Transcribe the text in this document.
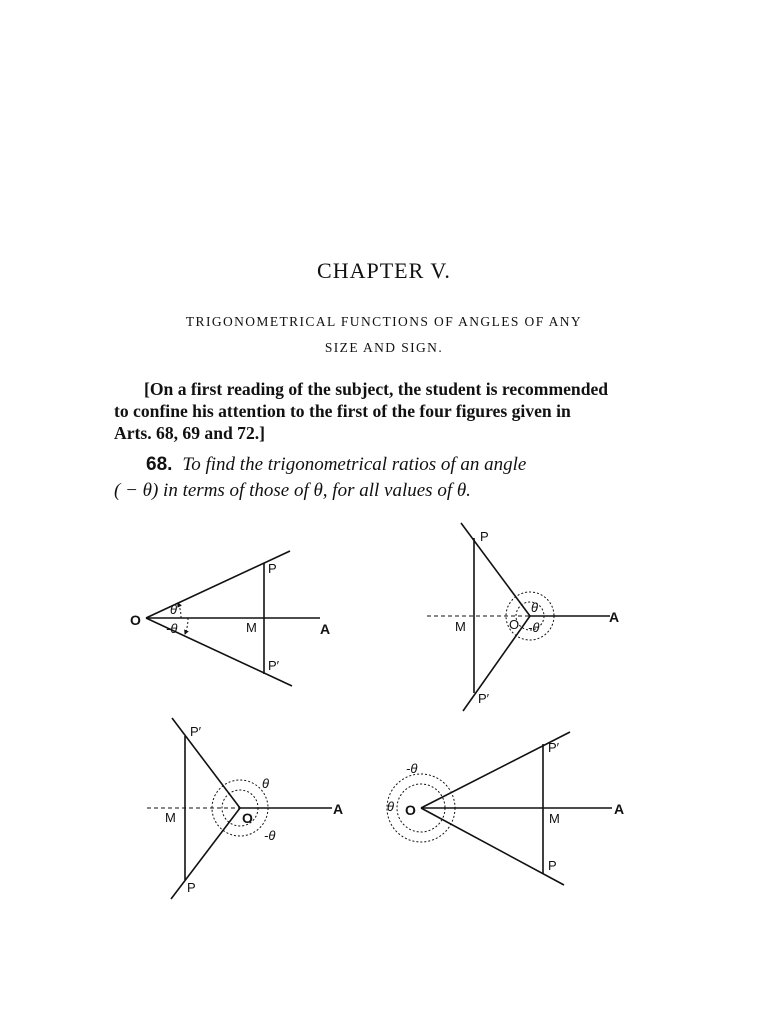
CHAPTER V.
TRIGONOMETRICAL FUNCTIONS OF ANGLES OF ANY
SIZE AND SIGN.
[On a first reading of the subject, the student is recommended
to confine his attention to the first of the four figures given in
Arts. 68, 69 and 72.]
68. To find the trigonometrical ratios of an angle
( − θ) in terms of those of θ, for all values of θ.
O
A
M
P
P′
θ
-θ
A
M	O
P
P′
θ
-θ
A
M	O
P′
P
θ
-θ
O	A
M
P′
P
θ
-θ
